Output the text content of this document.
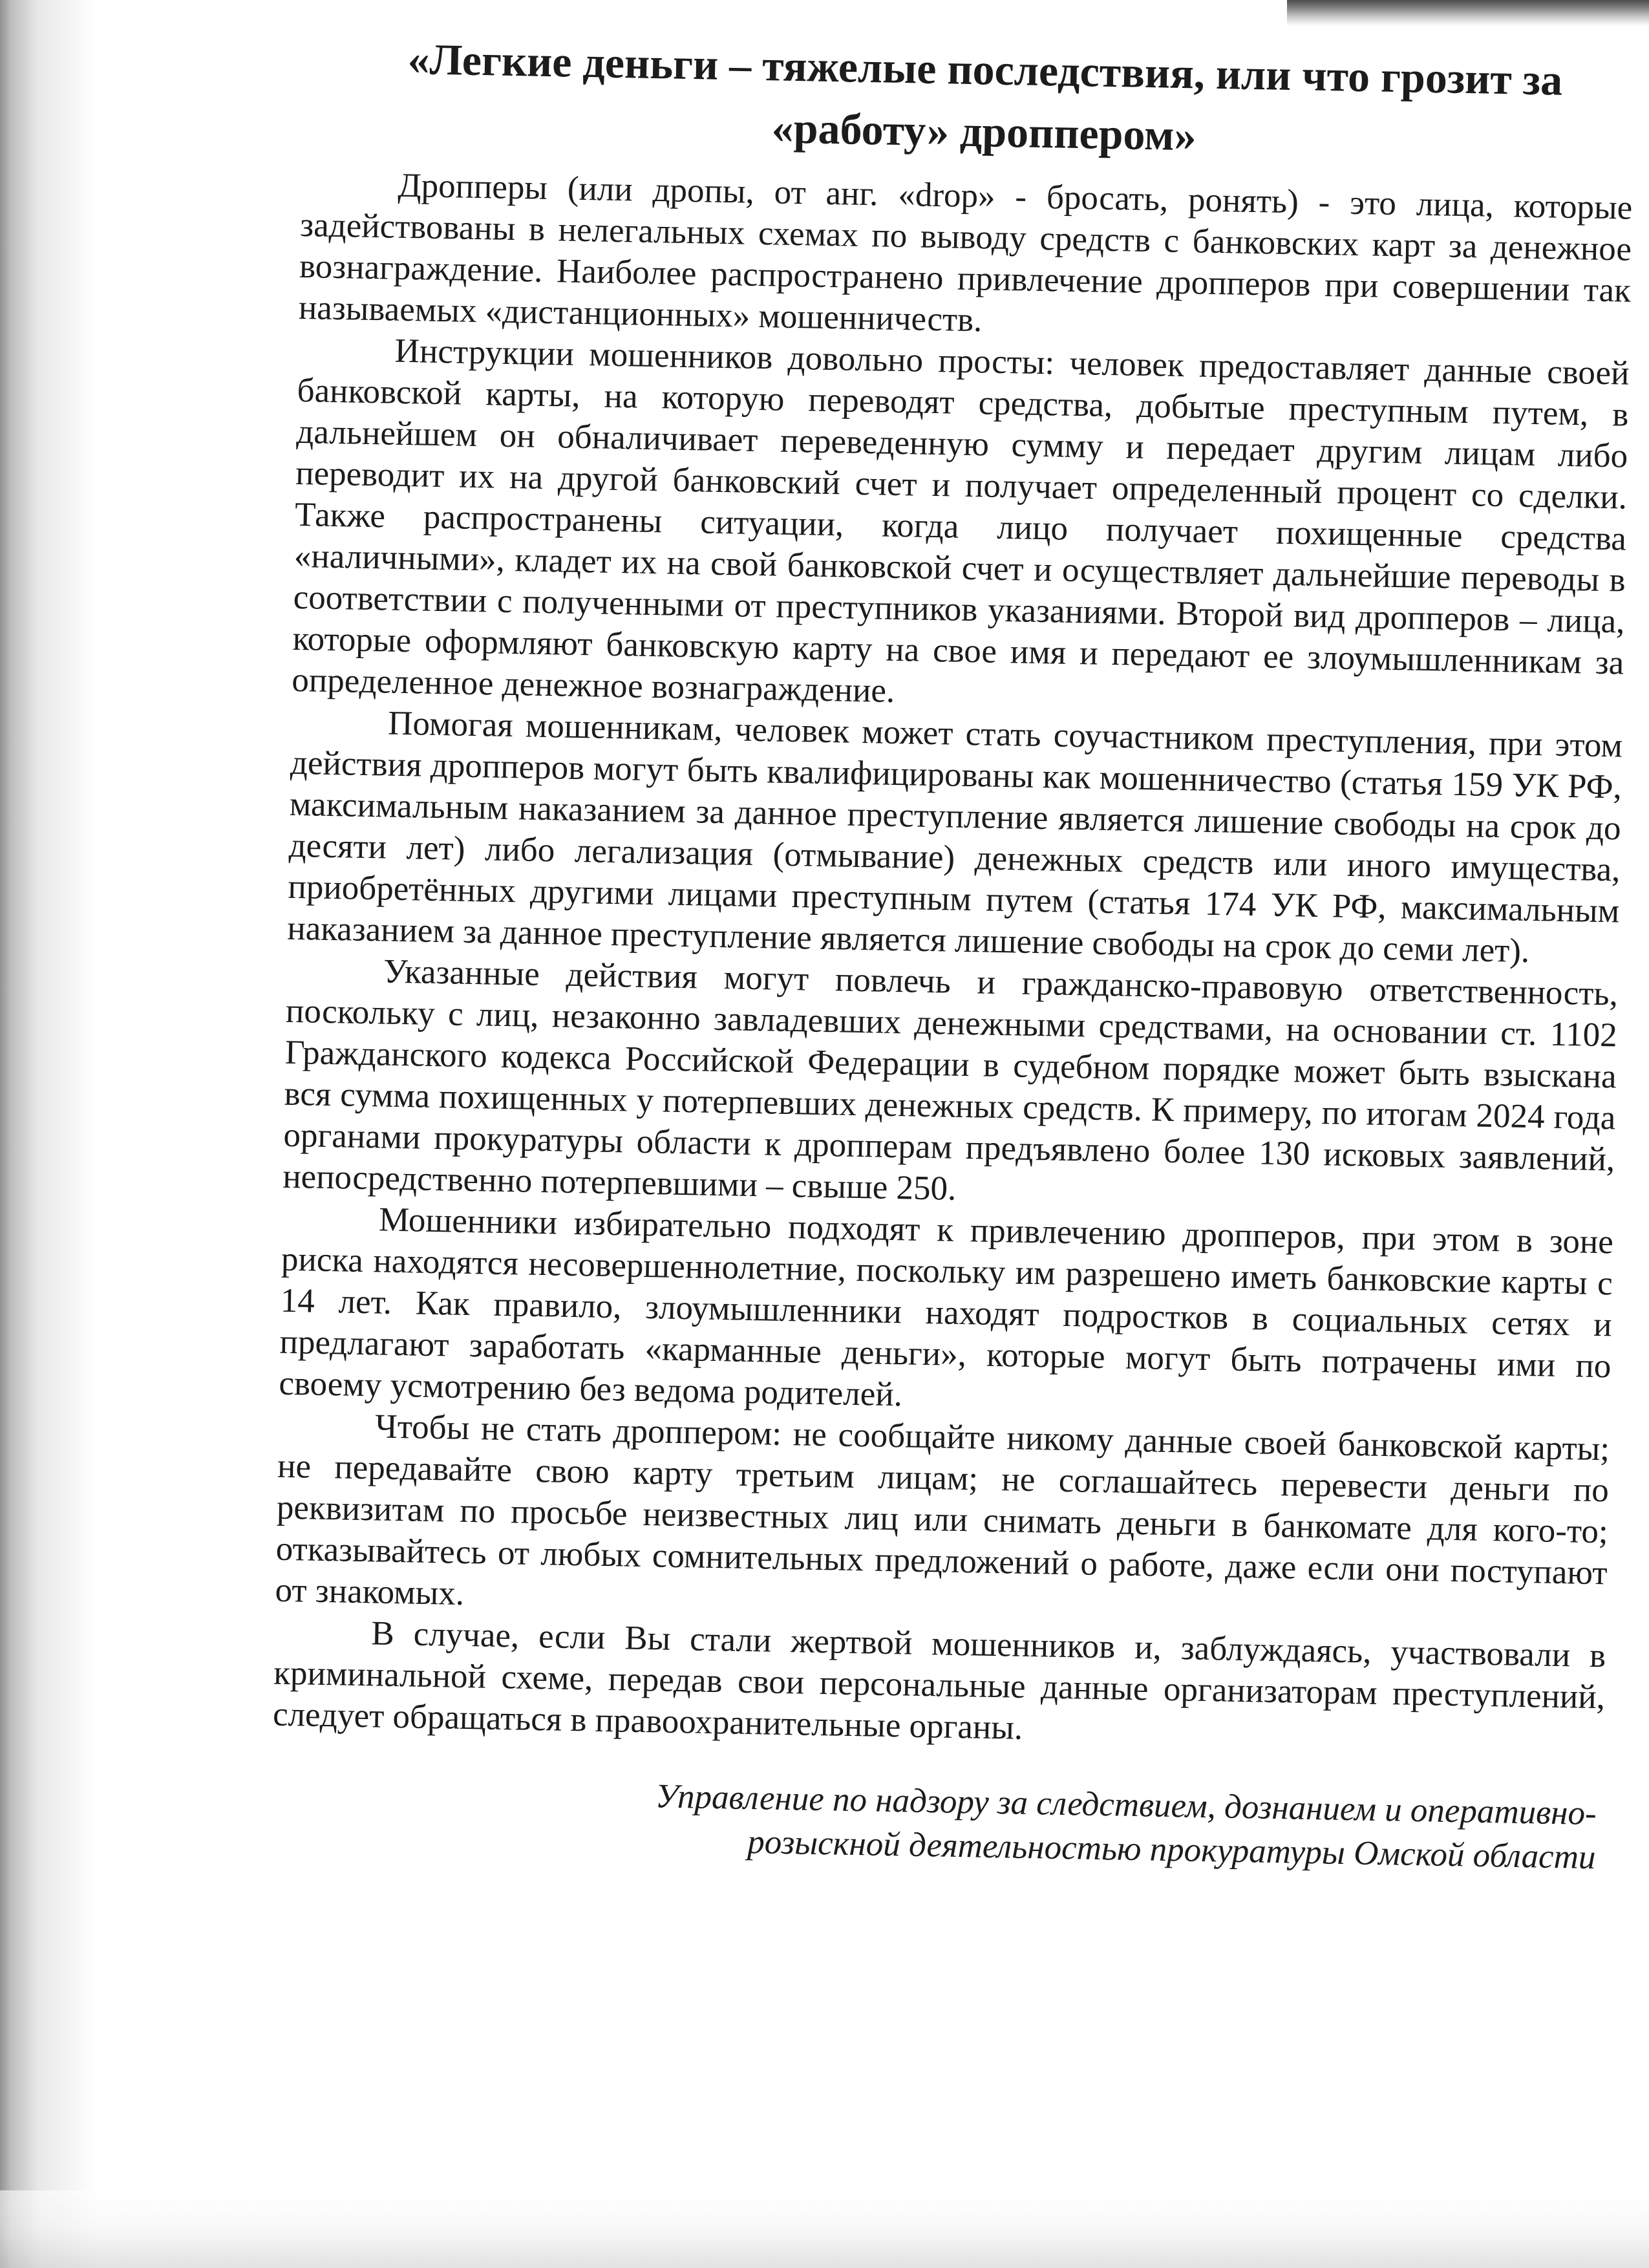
«Легкие деньги – тяжелые последствия, или что грозит за «работу» дроппером»

Дропперы (или дропы, от анг. «drop» - бросать, ронять) - это лица, которые задействованы в нелегальных схемах по выводу средств с банковских карт за денежное вознаграждение. Наиболее распространено привлечение дропперов при совершении так называемых «дистанционных» мошенничеств.

Инструкции мошенников довольно просты: человек предоставляет данные своей банковской карты, на которую переводят средства, добытые преступным путем, в дальнейшем он обналичивает переведенную сумму и передает другим лицам либо переводит их на другой банковский счет и получает определенный процент со сделки. Также распространены ситуации, когда лицо получает похищенные средства «наличными», кладет их на свой банковской счет и осуществляет дальнейшие переводы в соответствии с полученными от преступников указаниями. Второй вид дропперов – лица, которые оформляют банковскую карту на свое имя и передают ее злоумышленникам за определенное денежное вознаграждение.

Помогая мошенникам, человек может стать соучастником преступления, при этом действия дропперов могут быть квалифицированы как мошенничество (статья 159 УК РФ, максимальным наказанием за данное преступление является лишение свободы на срок до десяти лет) либо легализация (отмывание) денежных средств или иного имущества, приобретённых другими лицами преступным путем (статья 174 УК РФ, максимальным наказанием за данное преступление является лишение свободы на срок до семи лет).

Указанные действия могут повлечь и гражданско-правовую ответственность, поскольку с лиц, незаконно завладевших денежными средствами, на основании ст. 1102 Гражданского кодекса Российской Федерации в судебном порядке может быть взыскана вся сумма похищенных у потерпевших денежных средств. К примеру, по итогам 2024 года органами прокуратуры области к дропперам предъявлено более 130 исковых заявлений, непосредственно потерпевшими – свыше 250.

Мошенники избирательно подходят к привлечению дропперов, при этом в зоне риска находятся несовершеннолетние, поскольку им разрешено иметь банковские карты с 14 лет. Как правило, злоумышленники находят подростков в социальных сетях и предлагают заработать «карманные деньги», которые могут быть потрачены ими по своему усмотрению без ведома родителей.

Чтобы не стать дроппером: не сообщайте никому данные своей банковской карты; не передавайте свою карту третьим лицам; не соглашайтесь перевести деньги по реквизитам по просьбе неизвестных лиц или снимать деньги в банкомате для кого-то; отказывайтесь от любых сомнительных предложений о работе, даже если они поступают от знакомых.

В случае, если Вы стали жертвой мошенников и, заблуждаясь, участвовали в криминальной схеме, передав свои персональные данные организаторам преступлений, следует обращаться в правоохранительные органы.

Управление по надзору за следствием, дознанием и оперативно-
розыскной деятельностью прокуратуры Омской области
